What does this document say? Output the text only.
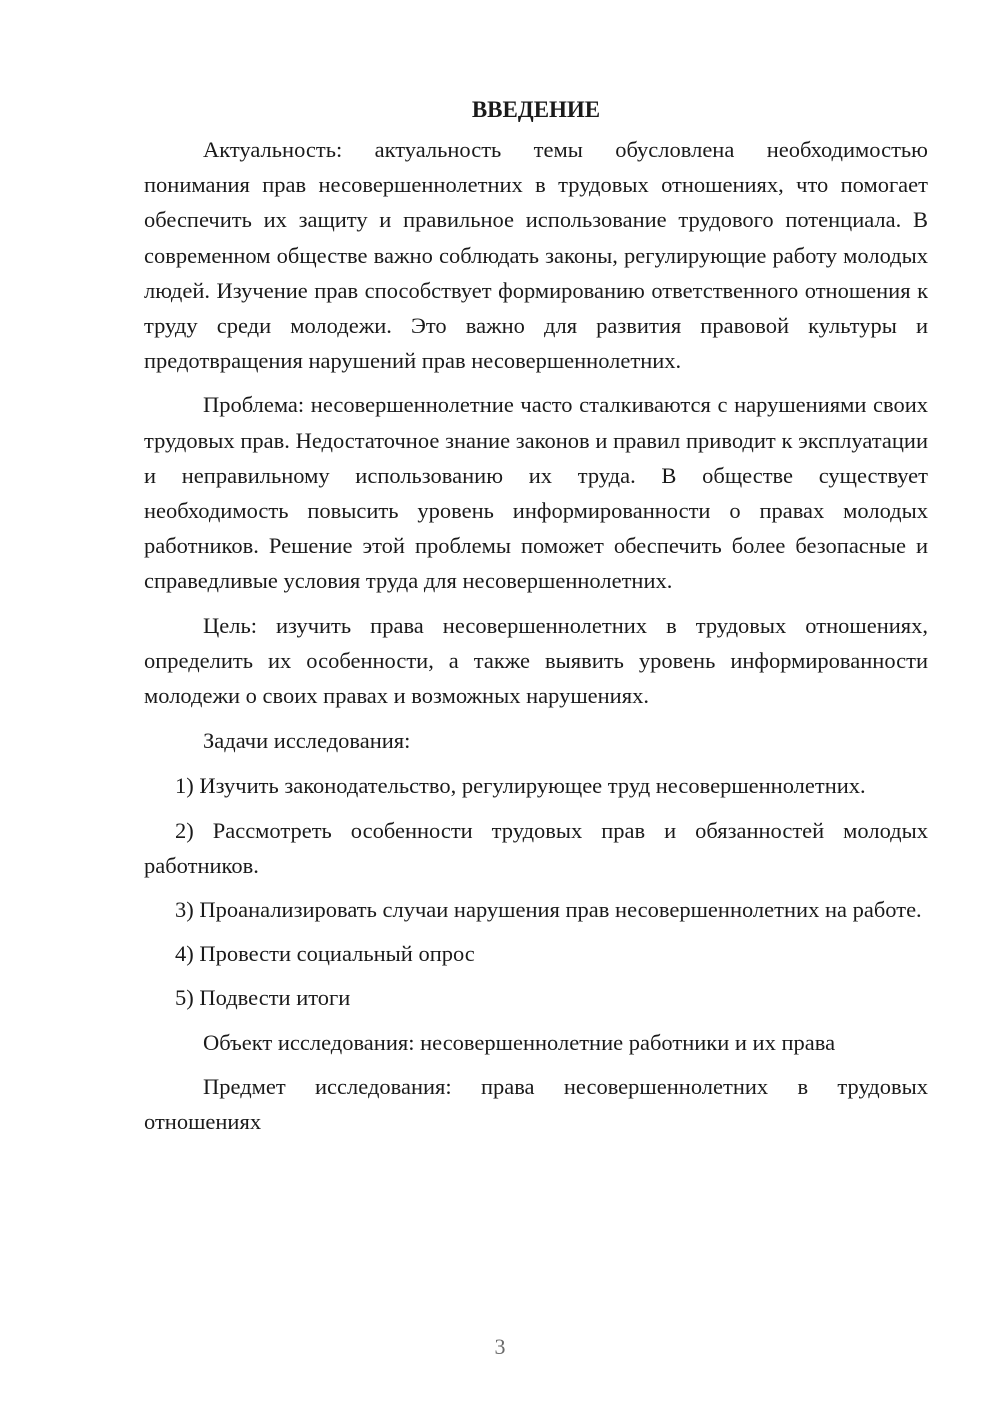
ВВЕДЕНИЕ

Актуальность: актуальность темы обусловлена необходимостью понимания прав несовершеннолетних в трудовых отношениях, что помогает обеспечить их защиту и правильное использование трудового потенциала. В современном обществе важно соблюдать законы, регулирующие работу молодых людей. Изучение прав способствует формированию ответственного отношения к труду среди молодежи. Это важно для развития правовой культуры и предотвращения нарушений прав несовершеннолетних.

Проблема: несовершеннолетние часто сталкиваются с нарушениями своих трудовых прав. Недостаточное знание законов и правил приводит к эксплуатации и неправильному использованию их труда. В обществе существует необходимость повысить уровень информированности о правах молодых работников. Решение этой проблемы поможет обеспечить более безопасные и справедливые условия труда для несовершеннолетних.

Цель: изучить права несовершеннолетних в трудовых отношениях, определить их особенности, а также выявить уровень информированности молодежи о своих правах и возможных нарушениях.

Задачи исследования:

1) Изучить законодательство, регулирующее труд несовершеннолетних.

2) Рассмотреть особенности трудовых прав и обязанностей молодых работников.

3) Проанализировать случаи нарушения прав несовершеннолетних на работе.

4) Провести социальный опрос

5) Подвести итоги

Объект исследования: несовершеннолетние работники и их права

Предмет исследования: права несовершеннолетних в трудовых отношениях

3
